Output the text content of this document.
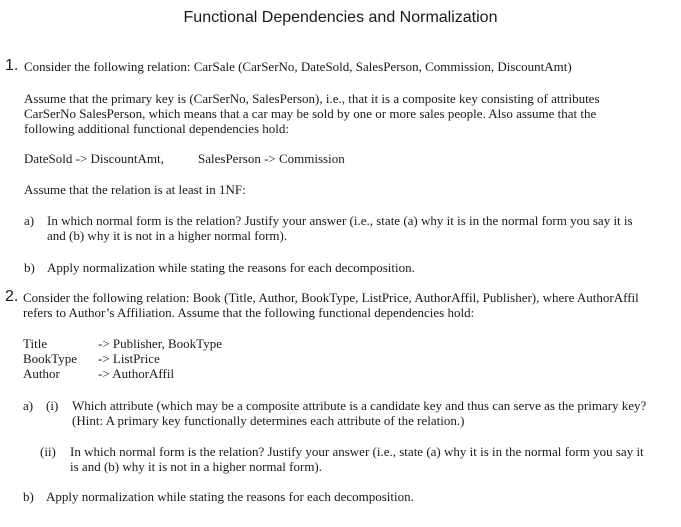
Functional Dependencies and Normalization
1. Consider the following relation: CarSale (CarSerNo, DateSold, SalesPerson, Commission, DiscountAmt)
Assume that the primary key is (CarSerNo, SalesPerson), i.e., that it is a composite key consisting of attributes
CarSerNo SalesPerson, which means that a car may be sold by one or more sales people. Also assume that the
following additional functional dependencies hold:
DateSold -> DiscountAmt,	SalesPerson -> Commission
Assume that the relation is at least in 1NF:
a) In which normal form is the relation? Justify your answer (i.e., state (a) why it is in the normal form you say it is
and (b) why it is not in a higher normal form).
b) Apply normalization while stating the reasons for each decomposition.
2. Consider the following relation: Book (Title, Author, BookType, ListPrice, AuthorAffil, Publisher), where AuthorAffil
refers to Author’s Affiliation. Assume that the following functional dependencies hold:
Title	-> Publisher, BookType
BookType -> ListPrice
Author	-> AuthorAffil
a) (i) Which attribute (which may be a composite attribute is a candidate key and thus can serve as the primary key?
(Hint: A primary key functionally determines each attribute of the relation.)
(ii) In which normal form is the relation? Justify your answer (i.e., state (a) why it is in the normal form you say it
is and (b) why it is not in a higher normal form).
b) Apply normalization while stating the reasons for each decomposition.
